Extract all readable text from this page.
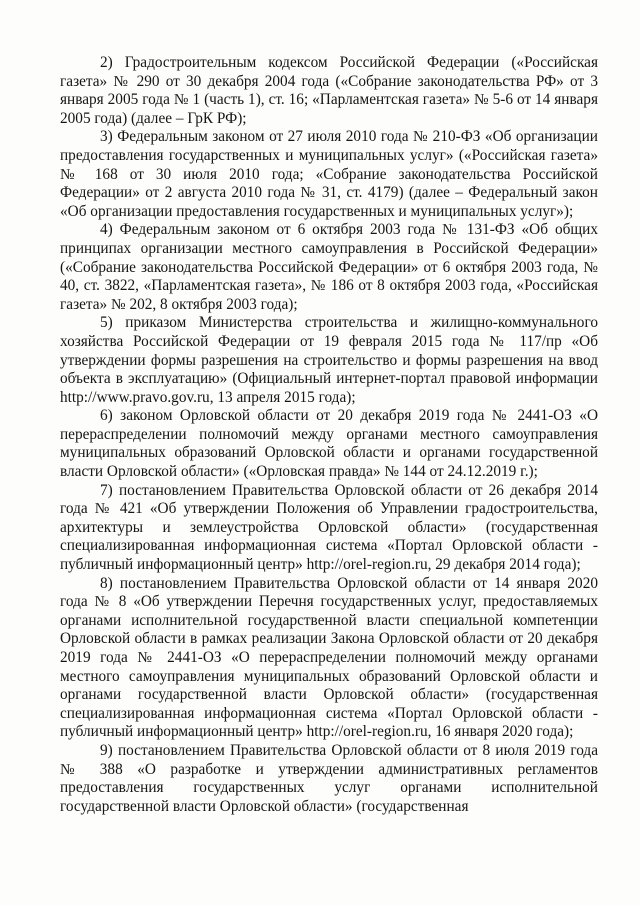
2) Градостроительным кодексом Российской Федерации («Российская газета» № 290 от 30 декабря 2004 года («Собрание законодательства РФ» от 3 января 2005 года № 1 (часть 1), ст. 16; «Парламентская газета» № 5-6 от 14 января 2005 года) (далее – ГрК РФ);

3) Федеральным законом от 27 июля 2010 года № 210-ФЗ «Об организации предоставления государственных и муниципальных услуг» («Российская газета» № 168 от 30 июля 2010 года; «Собрание законодательства Российской Федерации» от 2 августа 2010 года № 31, ст. 4179) (далее – Федеральный закон «Об организации предоставления государственных и муниципальных услуг»);

4) Федеральным законом от 6 октября 2003 года № 131-ФЗ «Об общих принципах организации местного самоуправления в Российской Федерации» («Собрание законодательства Российской Федерации» от 6 октября 2003 года, № 40, ст. 3822, «Парламентская газета», № 186 от 8 октября 2003 года, «Российская газета» № 202, 8 октября 2003 года);

5) приказом Министерства строительства и жилищно-коммунального хозяйства Российской Федерации от 19 февраля 2015 года № 117/пр «Об утверждении формы разрешения на строительство и формы разрешения на ввод объекта в эксплуатацию» (Официальный интернет-портал правовой информации http://www.pravo.gov.ru, 13 апреля 2015 года);

6) законом Орловской области от 20 декабря 2019 года № 2441-ОЗ «О перераспределении полномочий между органами местного самоуправления муниципальных образований Орловской области и органами государственной власти Орловской области» («Орловская правда» № 144 от 24.12.2019 г.);

7) постановлением Правительства Орловской области от 26 декабря 2014 года № 421 «Об утверждении Положения об Управлении градостроительства, архитектуры и землеустройства Орловской области» (государственная специализированная информационная система «Портал Орловской области - публичный информационный центр» http://orel-region.ru, 29 декабря 2014 года);

8) постановлением Правительства Орловской области от 14 января 2020 года № 8 «Об утверждении Перечня государственных услуг, предоставляемых органами исполнительной государственной власти специальной компетенции Орловской области в рамках реализации Закона Орловской области от 20 декабря 2019 года № 2441-ОЗ «О перераспределении полномочий между органами местного самоуправления муниципальных образований Орловской области и органами государственной власти Орловской области» (государственная специализированная информационная система «Портал Орловской области - публичный информационный центр» http://orel-region.ru, 16 января 2020 года);

9) постановлением Правительства Орловской области от 8 июля 2019 года № 388 «О разработке и утверждении административных регламентов предоставления государственных услуг органами исполнительной государственной власти Орловской области» (государственная
